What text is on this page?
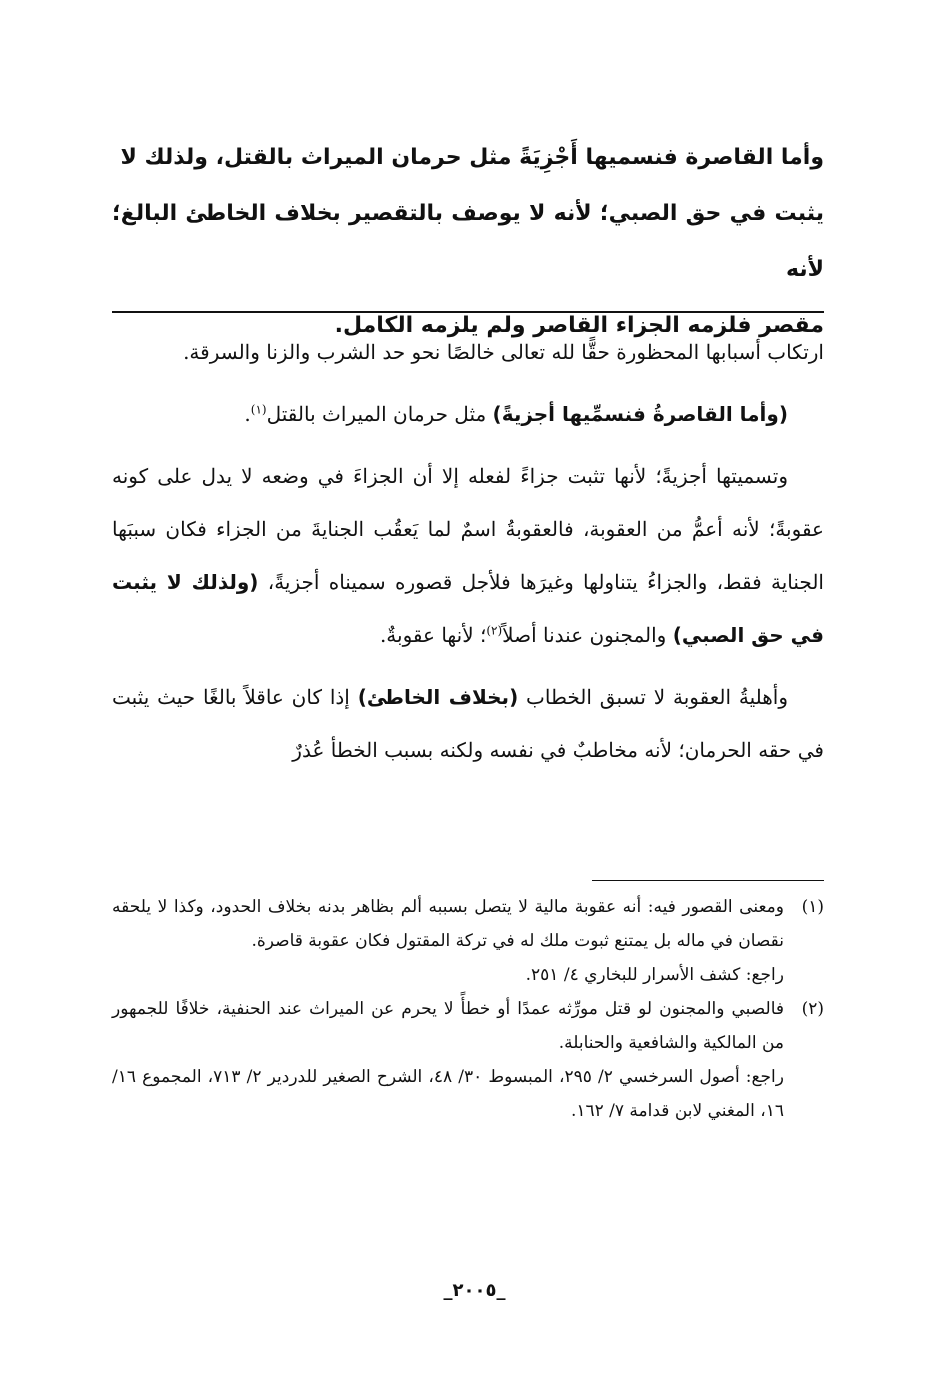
وأما القاصرة فنسميها أَجْزِيَةً مثل حرمان الميراث بالقتل، ولذلك لا

يثبت في حق الصبي؛ لأنه لا يوصف بالتقصير بخلاف الخاطئ البالغ؛ لأنه

مقصر فلزمه الجزاء القاصر ولم يلزمه الكامل.

ارتكاب أسبابها المحظورة حقًّا لله تعالى خالصًا نحو حد الشرب والزنا والسرقة.

(وأما القاصرةُ فنسمِّيها أجزيةً) مثل حرمان الميراث بالقتل$^{(١)}$.

وتسميتها أجزيةً؛ لأنها تثبت جزاءً لفعله إلا أن الجزاءَ في وضعه لا يدل على كونه عقوبةً؛ لأنه أعمُّ من العقوبة، فالعقوبةُ اسمٌ لما يَعقُب الجنايةَ من الجزاء فكان سببَها الجناية فقط، والجزاءُ يتناولها وغيرَها فلأجل قصوره سميناه أجزيةً، (ولذلك لا يثبت في حق الصبي) والمجنون عندنا أصلاً$^{(٢)}$؛ لأنها عقوبةٌ.

وأهليةُ العقوبة لا تسبق الخطاب (بخلاف الخاطئ) إذا كان عاقلاً بالغًا حيث يثبت في حقه الحرمان؛ لأنه مخاطبٌ في نفسه ولكنه بسبب الخطأ عُذرٌ

(١)
ومعنى القصور فيه: أنه عقوبة مالية لا يتصل بسببه ألم بظاهر بدنه بخلاف الحدود، وكذا لا يلحقه نقصان في ماله بل يمتنع ثبوت ملك له في تركة المقتول فكان عقوبة قاصرة.

راجع: كشف الأسرار للبخاري ٤/ ٢٥١.

(٢)
فالصبي والمجنون لو قتل مورِّثه عمدًا أو خطأً لا يحرم عن الميراث عند الحنفية، خلافًا للجمهور من المالكية والشافعية والحنابلة.

راجع: أصول السرخسي ٢/ ٢٩٥، المبسوط ٣٠/ ٤٨، الشرح الصغير للدردير ٢/ ٧١٣، المجموع ١٦/ ١٦، المغني لابن قدامة ٧/ ١٦٢.

_٢٠٠٥_
